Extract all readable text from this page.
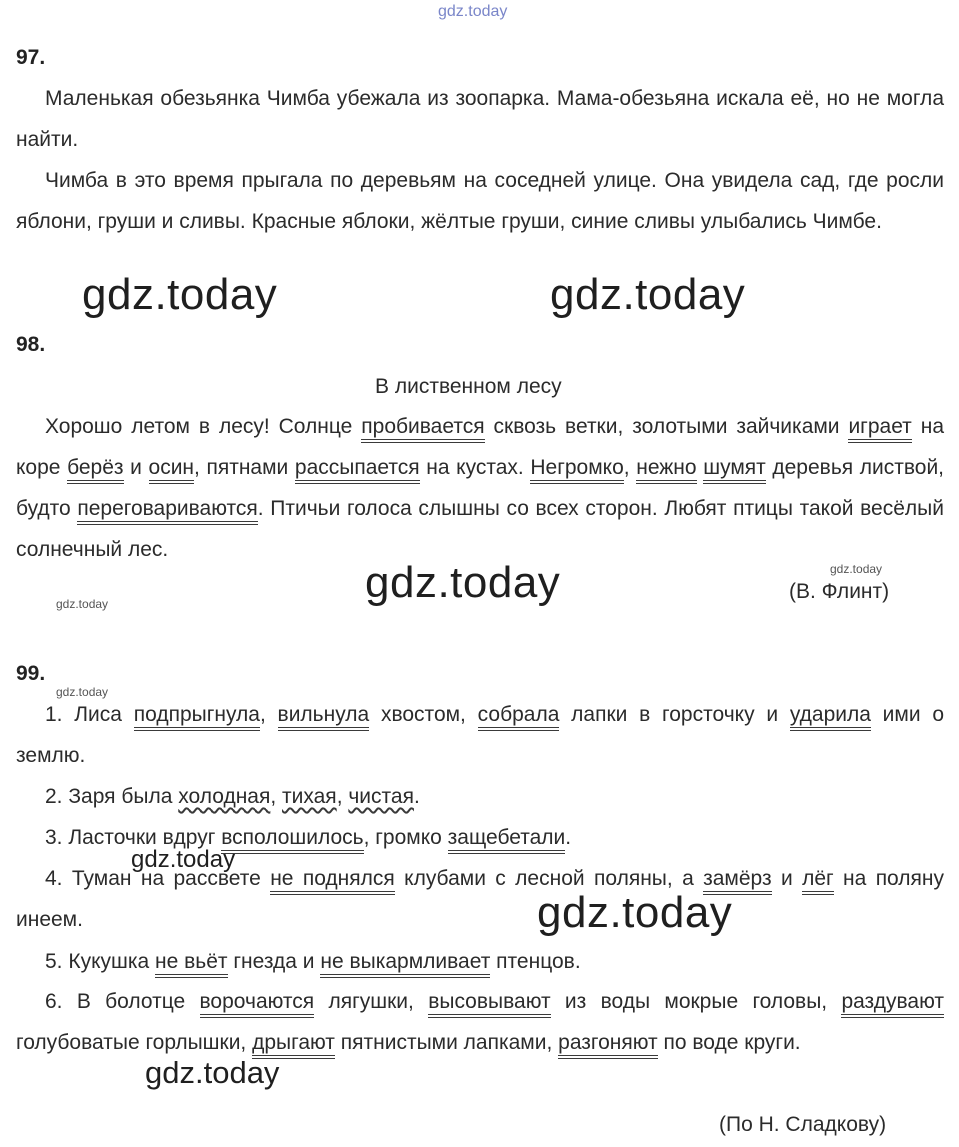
gdz.today
97.
Маленькая обезьянка Чимба убежала из зоопарка. Мама-обезьяна искала её, но не могла найти.
Чимба в это время прыгала по деревьям на соседней улице. Она увидела сад, где росли яблони, груши и сливы. Красные яблоки, жёлтые груши, синие сливы улыбались Чимбе.
gdz.today	gdz.today
98.
В лиственном лесу
Хорошо летом в лесу! Солнце пробивается сквозь ветки, золотыми зайчиками играет на коре берёз и осин, пятнами рассыпается на кустах. Негромко, нежно шумят деревья листвой, будто переговариваются. Птичьи голоса слышны со всех сторон. Любят птицы такой весёлый солнечный лес.
gdz.today
gdz.today	(В. Флинт)
gdz.today
99.
gdz.today
1. Лиса подпрыгнула, вильнула хвостом, собрала лапки в горсточку и ударила ими о землю.
2. Заря была холодная, тихая, чистая.
3. Ласточки вдруг всполошилось, громко защебетали.
gdz.today
4. Туман на рассвете не поднялся клубами с лесной поляны, а замёрз и лёг на поляну инеем.	gdz.today
5. Кукушка не вьёт гнезда и не выкармливает птенцов.
6. В болотце ворочаются лягушки, высовывают из воды мокрые головы, раздувают голубоватые горлышки, дрыгают пятнистыми лапками, разгоняют по воде круги.
gdz.today
(По Н. Сладкову)
